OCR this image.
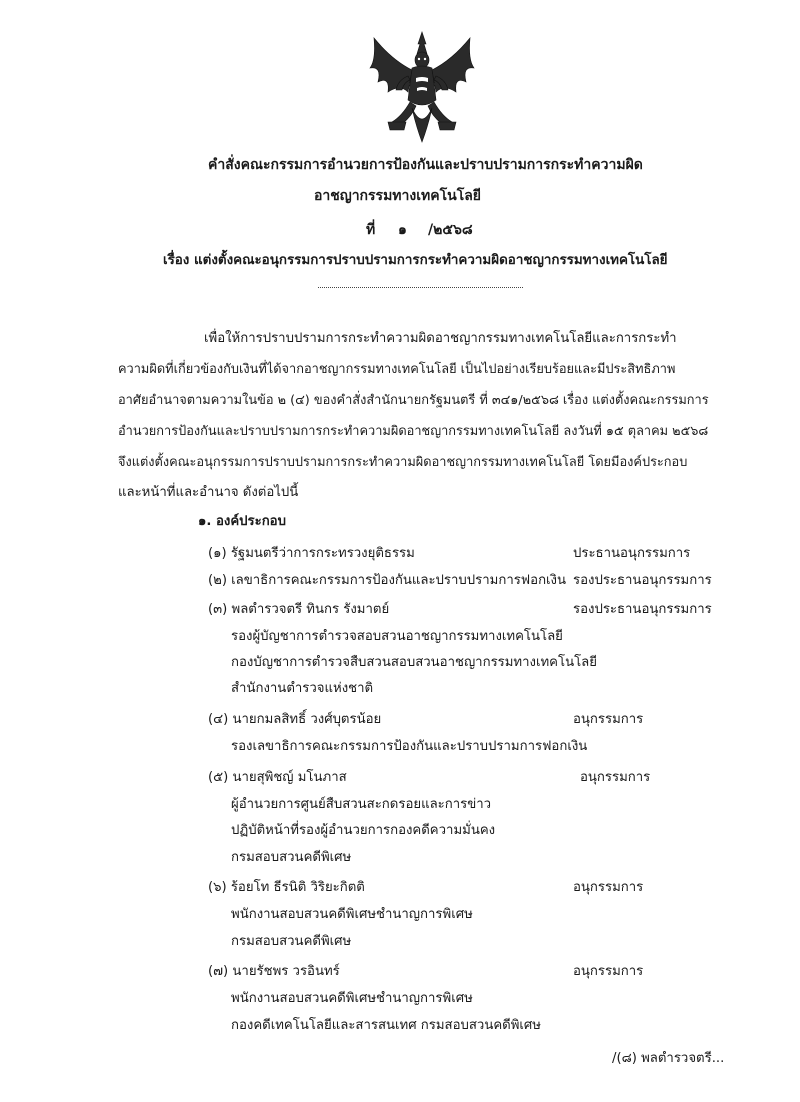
คำสั่งคณะกรรมการอำนวยการป้องกันและปราบปรามการกระทำความผิด
อาชญากรรมทางเทคโนโลยี
ที่ ๑ /๒๕๖๘
เรื่อง แต่งตั้งคณะอนุกรรมการปราบปรามการกระทำความผิดอาชญากรรมทางเทคโนโลยี
เพื่อให้การปราบปรามการกระทำความผิดอาชญากรรมทางเทคโนโลยีและการกระทำ
ความผิดที่เกี่ยวข้องกับเงินที่ได้จากอาชญากรรมทางเทคโนโลยี เป็นไปอย่างเรียบร้อยและมีประสิทธิภาพ
อาศัยอำนาจตามความในข้อ ๒ (๔) ของคำสั่งสำนักนายกรัฐมนตรี ที่ ๓๔๑/๒๕๖๘ เรื่อง แต่งตั้งคณะกรรมการ
อำนวยการป้องกันและปราบปรามการกระทำความผิดอาชญากรรมทางเทคโนโลยี ลงวันที่ ๑๕ ตุลาคม ๒๕๖๘
จึงแต่งตั้งคณะอนุกรรมการปราบปรามการกระทำความผิดอาชญากรรมทางเทคโนโลยี โดยมีองค์ประกอบ
และหน้าที่และอำนาจ ดังต่อไปนี้
๑. องค์ประกอบ
(๑) รัฐมนตรีว่าการกระทรวงยุติธรรม	ประธานอนุกรรมการ
(๒) เลขาธิการคณะกรรมการป้องกันและปราบปรามการฟอกเงิน รองประธานอนุกรรมการ
(๓) พลตำรวจตรี ทินกร รังมาตย์	รองประธานอนุกรรมการ
รองผู้บัญชาการตำรวจสอบสวนอาชญากรรมทางเทคโนโลยี
กองบัญชาการตำรวจสืบสวนสอบสวนอาชญากรรมทางเทคโนโลยี
สำนักงานตำรวจแห่งชาติ
(๔) นายกมลสิทธิ์ วงศ์บุตรน้อย	อนุกรรมการ
รองเลขาธิการคณะกรรมการป้องกันและปราบปรามการฟอกเงิน
(๕) นายสุพิชญ์ มโนภาส	อนุกรรมการ
ผู้อำนวยการศูนย์สืบสวนสะกดรอยและการข่าว
ปฏิบัติหน้าที่รองผู้อำนวยการกองคดีความมั่นคง
กรมสอบสวนคดีพิเศษ
(๖) ร้อยโท ธีรนิติ วิริยะกิตติ	อนุกรรมการ
พนักงานสอบสวนคดีพิเศษชำนาญการพิเศษ
กรมสอบสวนคดีพิเศษ
(๗) นายรัชพร วรอินทร์	อนุกรรมการ
พนักงานสอบสวนคดีพิเศษชำนาญการพิเศษ
กองคดีเทคโนโลยีและสารสนเทศ กรมสอบสวนคดีพิเศษ
/(๘) พลตำรวจตรี...
